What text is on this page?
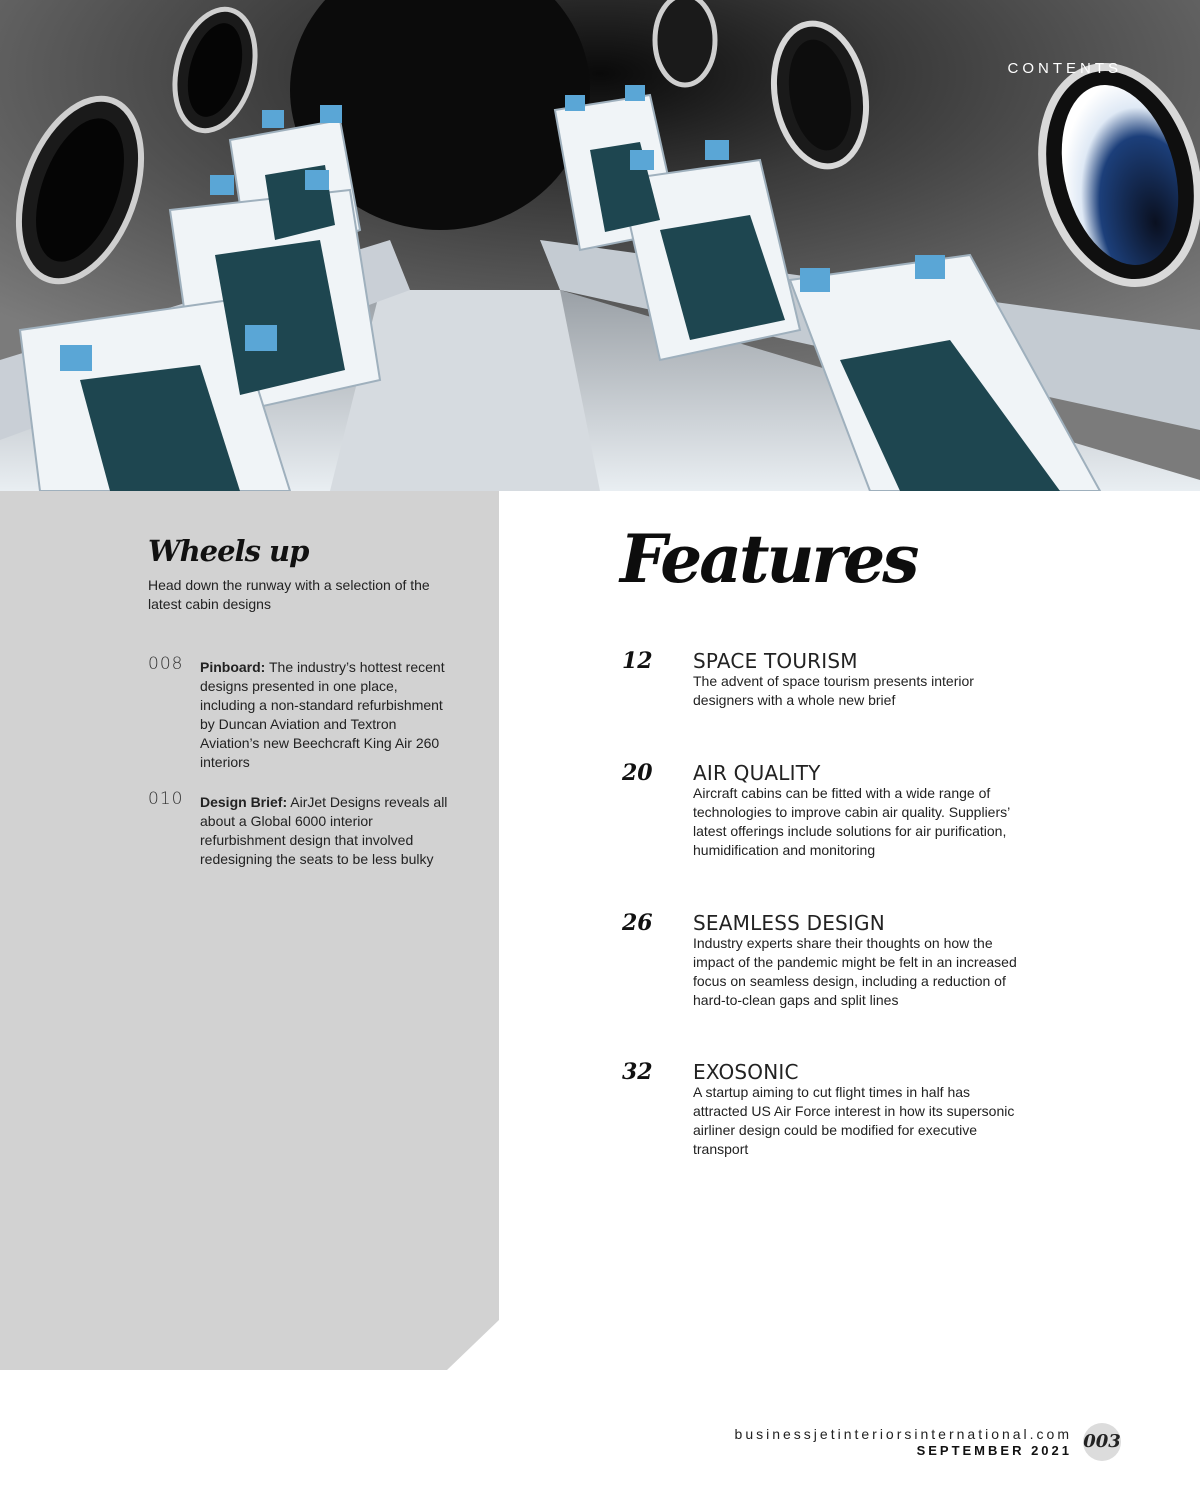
CONTENTS
Wheels up
Head down the runway with a selection of the latest cabin designs
008 Pinboard: The industry’s hottest recent designs presented in one place, including a non-standard refurbishment by Duncan Aviation and Textron Aviation’s new Beechcraft King Air 260 interiors
010 Design Brief: AirJet Designs reveals all about a Global 6000 interior refurbishment design that involved redesigning the seats to be less bulky
Features
12 SPACE TOURISM
The advent of space tourism presents interior designers with a whole new brief
20 AIR QUALITY
Aircraft cabins can be fitted with a wide range of technologies to improve cabin air quality. Suppliers’ latest offerings include solutions for air purification, humidification and monitoring
26 SEAMLESS DESIGN
Industry experts share their thoughts on how the impact of the pandemic might be felt in an increased focus on seamless design, including a reduction of hard-to-clean gaps and split lines
32 EXOSONIC
A startup aiming to cut flight times in half has attracted US Air Force interest in how its supersonic airliner design could be modified for executive transport
businessjetinteriorsinternational.com
SEPTEMBER 2021 003
